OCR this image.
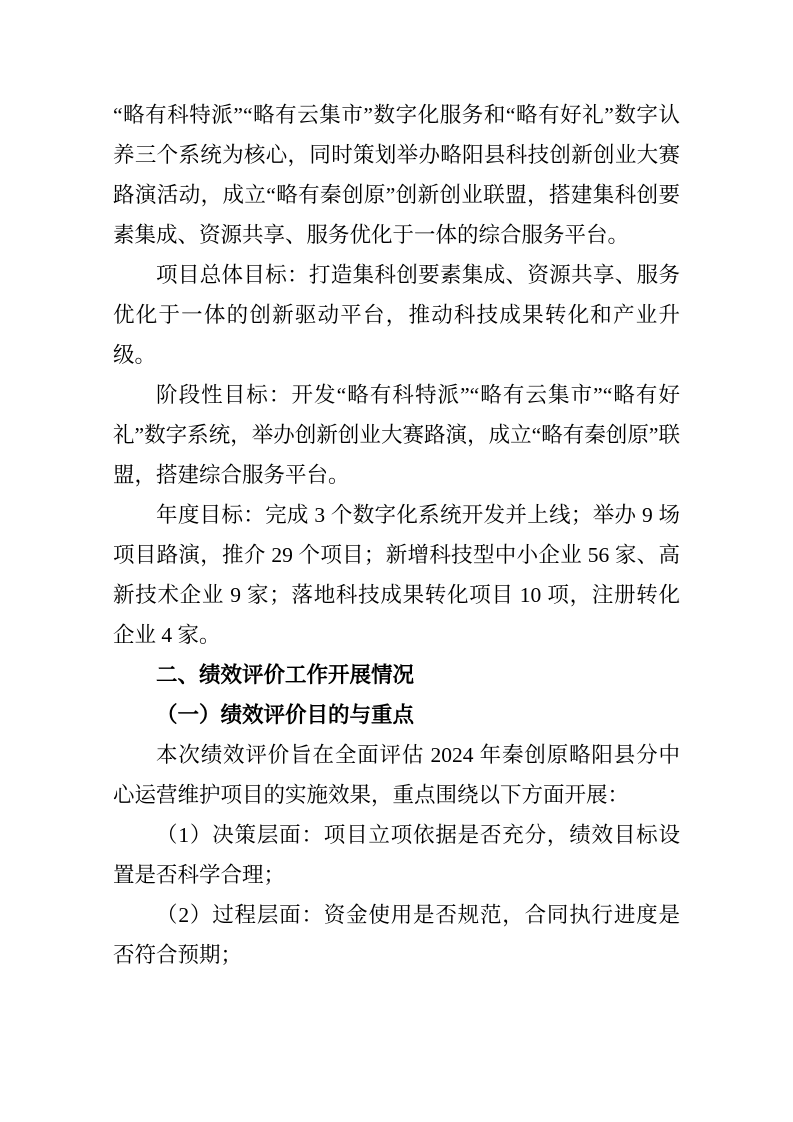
“略有科特派”“略有云集市”数字化服务和“略有好礼”数字认养三个系统为核心，同时策划举办略阳县科技创新创业大赛路演活动，成立“略有秦创原”创新创业联盟，搭建集科创要素集成、资源共享、服务优化于一体的综合服务平台。

项目总体目标：打造集科创要素集成、资源共享、服务优化于一体的创新驱动平台，推动科技成果转化和产业升级。

阶段性目标：开发“略有科特派”“略有云集市”“略有好礼”数字系统，举办创新创业大赛路演，成立“略有秦创原”联盟，搭建综合服务平台。

年度目标：完成 3 个数字化系统开发并上线；举办 9 场项目路演，推介 29 个项目；新增科技型中小企业 56 家、高新技术企业 9 家；落地科技成果转化项目 10 项，注册转化企业 4 家。

二、绩效评价工作开展情况

（一）绩效评价目的与重点

本次绩效评价旨在全面评估 2024 年秦创原略阳县分中心运营维护项目的实施效果，重点围绕以下方面开展：

（1）决策层面：项目立项依据是否充分，绩效目标设置是否科学合理；

（2）过程层面：资金使用是否规范，合同执行进度是否符合预期；
